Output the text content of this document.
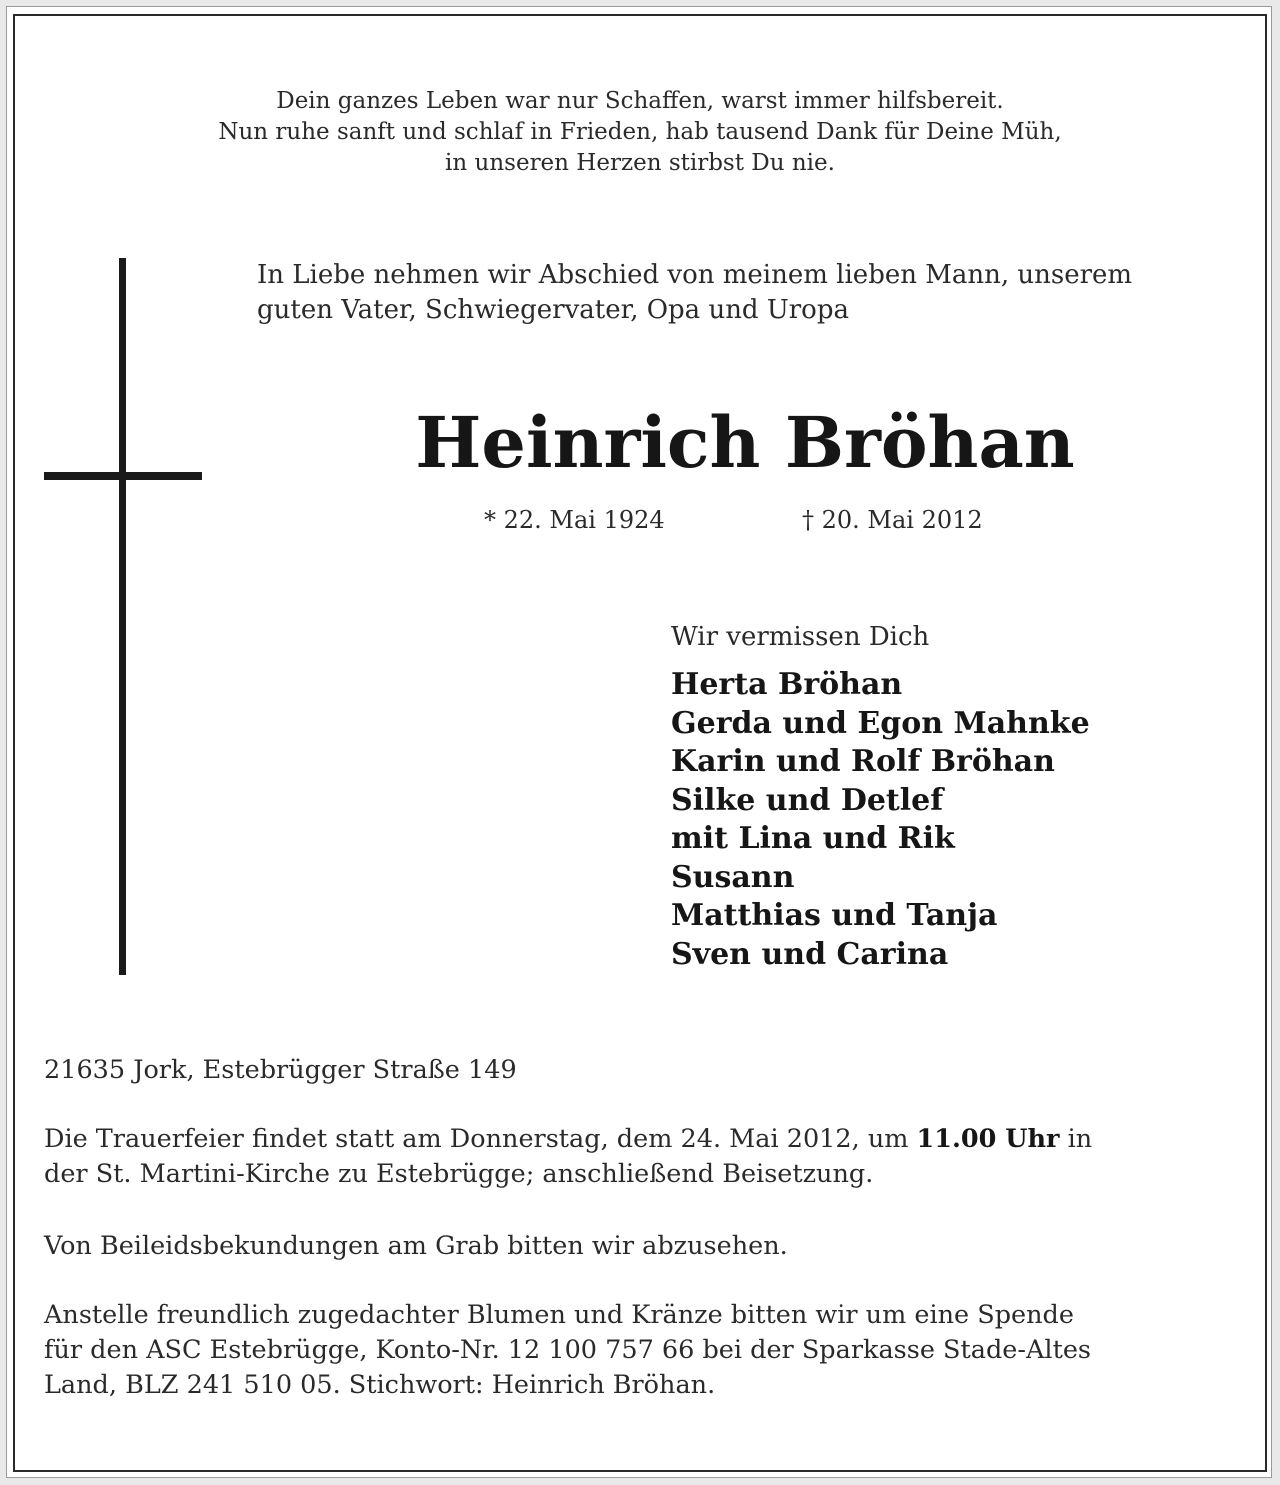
Dein ganzes Leben war nur Schaffen, warst immer hilfsbereit.
Nun ruhe sanft und schlaf in Frieden, hab tausend Dank für Deine Müh,
in unseren Herzen stirbst Du nie.
In Liebe nehmen wir Abschied von meinem lieben Mann, unserem
guten Vater, Schwiegervater, Opa und Uropa
Heinrich Bröhan
* 22. Mai 1924	† 20. Mai 2012
Wir vermissen Dich
Herta Bröhan
Gerda und Egon Mahnke
Karin und Rolf Bröhan
Silke und Detlef
mit Lina und Rik
Susann
Matthias und Tanja
Sven und Carina
21635 Jork, Estebrügger Straße 149
Die Trauerfeier findet statt am Donnerstag, dem 24. Mai 2012, um 11.00 Uhr in
der St. Martini-Kirche zu Estebrügge; anschließend Beisetzung.
Von Beileidsbekundungen am Grab bitten wir abzusehen.
Anstelle freundlich zugedachter Blumen und Kränze bitten wir um eine Spende
für den ASC Estebrügge, Konto-Nr. 12 100 757 66 bei der Sparkasse Stade-Altes
Land, BLZ 241 510 05. Stichwort: Heinrich Bröhan.
